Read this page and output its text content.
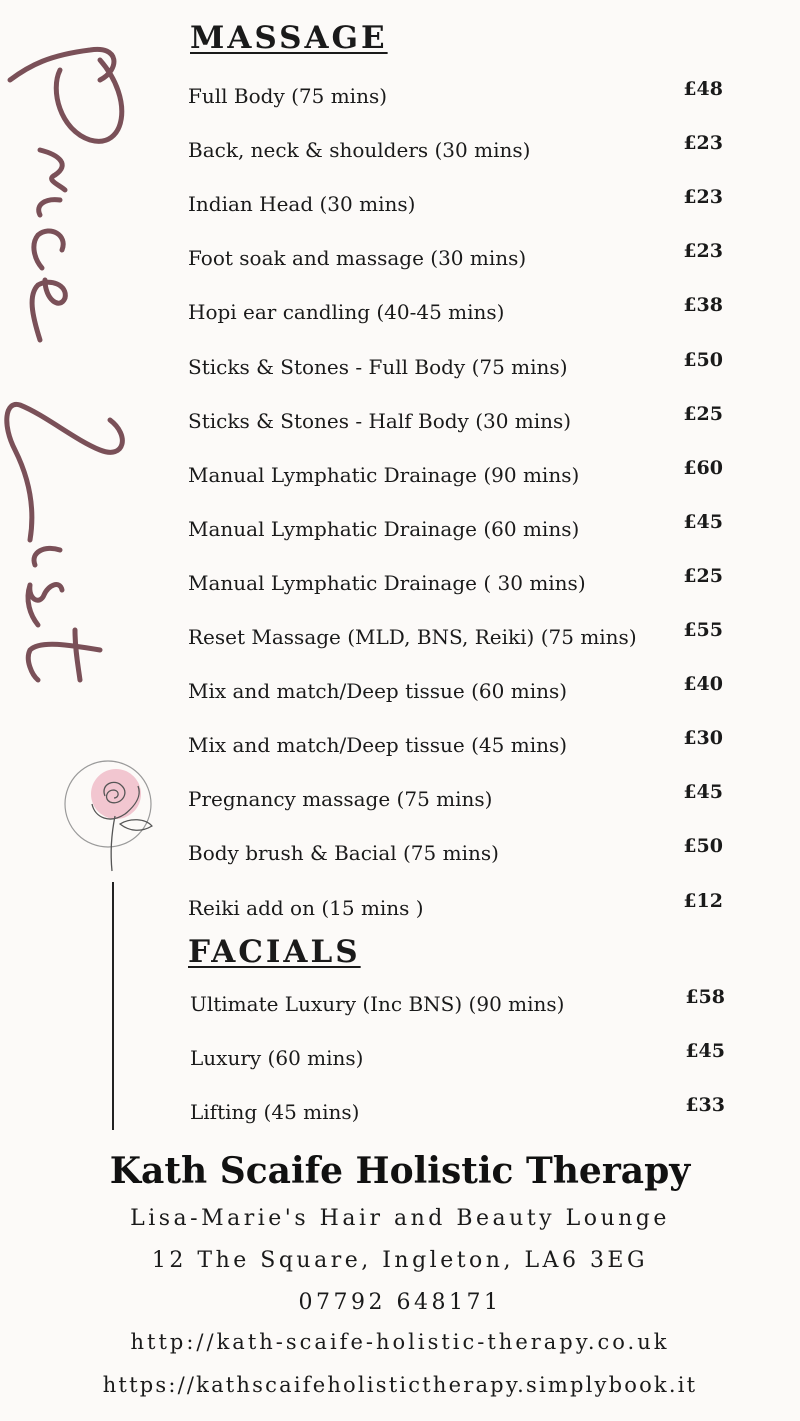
MASSAGE
Full Body (75 mins)	£48
Back, neck & shoulders (30 mins)	£23
Indian Head (30 mins)	£23
Foot soak and massage (30 mins)	£23
Hopi ear candling (40-45 mins)	£38
Sticks & Stones - Full Body (75 mins)	£50
Sticks & Stones - Half Body (30 mins)	£25
Manual Lymphatic Drainage (90 mins)	£60
Manual Lymphatic Drainage (60 mins)	£45
Manual Lymphatic Drainage ( 30 mins)	£25
Reset Massage (MLD, BNS, Reiki) (75 mins) £55
Mix and match/Deep tissue (60 mins)	£40
Mix and match/Deep tissue (45 mins)	£30
Pregnancy massage (75 mins)	£45
Body brush & Bacial (75 mins)	£50
Reiki add on (15 mins )	£12
FACIALS
Ultimate Luxury (Inc BNS) (90 mins)	£58
Luxury (60 mins)	£45
Lifting (45 mins)	£33
Kath Scaife Holistic Therapy
Lisa-Marie's Hair and Beauty Lounge
12 The Square, Ingleton, LA6 3EG
07792 648171
http://kath-scaife-holistic-therapy.co.uk
https://kathscaifeholistictherapy.simplybook.it
